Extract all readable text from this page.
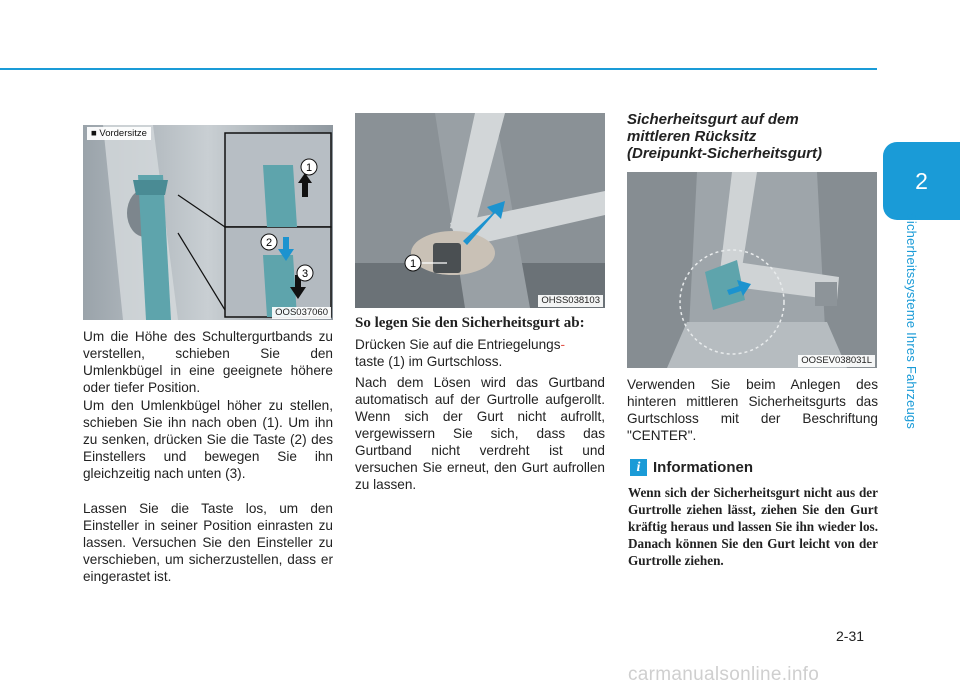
2
Sicherheitssysteme Ihres Fahrzeugs
1
2
3
■ Vordersitze
OOS037060
1
OHSS038103
OOSEV038031L

Um die Höhe des Schultergurtbands zu verstellen, schieben Sie den Umlenkbügel in eine geeignete höhere oder tiefer Position.

Um den Umlenkbügel höher zu stellen, schieben Sie ihn nach oben (1). Um ihn zu senken, drücken Sie die Taste (2) des Einstellers und bewegen Sie ihn gleichzeitig nach unten (3).

Lassen Sie die Taste los, um den Einsteller in seiner Position einrasten zu lassen. Versuchen Sie den Einsteller zu verschieben, um sicherzustellen, dass er eingerastet ist.

So legen Sie den Sicherheitsgurt ab:

Drücken Sie auf die Entriegelungs-
taste (1) im Gurtschloss.

Nach dem Lösen wird das Gurtband automatisch auf der Gurtrolle aufgerollt. Wenn sich der Gurt nicht aufrollt, vergewissern Sie sich, dass das Gurtband nicht verdreht ist und versuchen Sie erneut, den Gurt aufrollen zu lassen.

Sicherheitsgurt auf dem
mittleren Rücksitz
(Dreipunkt-Sicherheitsgurt)

Verwenden Sie beim Anlegen des hinteren mittleren Sicherheitsgurts das Gurtschloss mit der Beschriftung "CENTER".

i Informationen

Wenn sich der Sicherheitsgurt nicht aus der Gurtrolle ziehen lässt, ziehen Sie den Gurt kräftig heraus und lassen Sie ihn wieder los. Danach können Sie den Gurt leicht von der Gurtrolle ziehen.

2-31
carmanualsonline.info
